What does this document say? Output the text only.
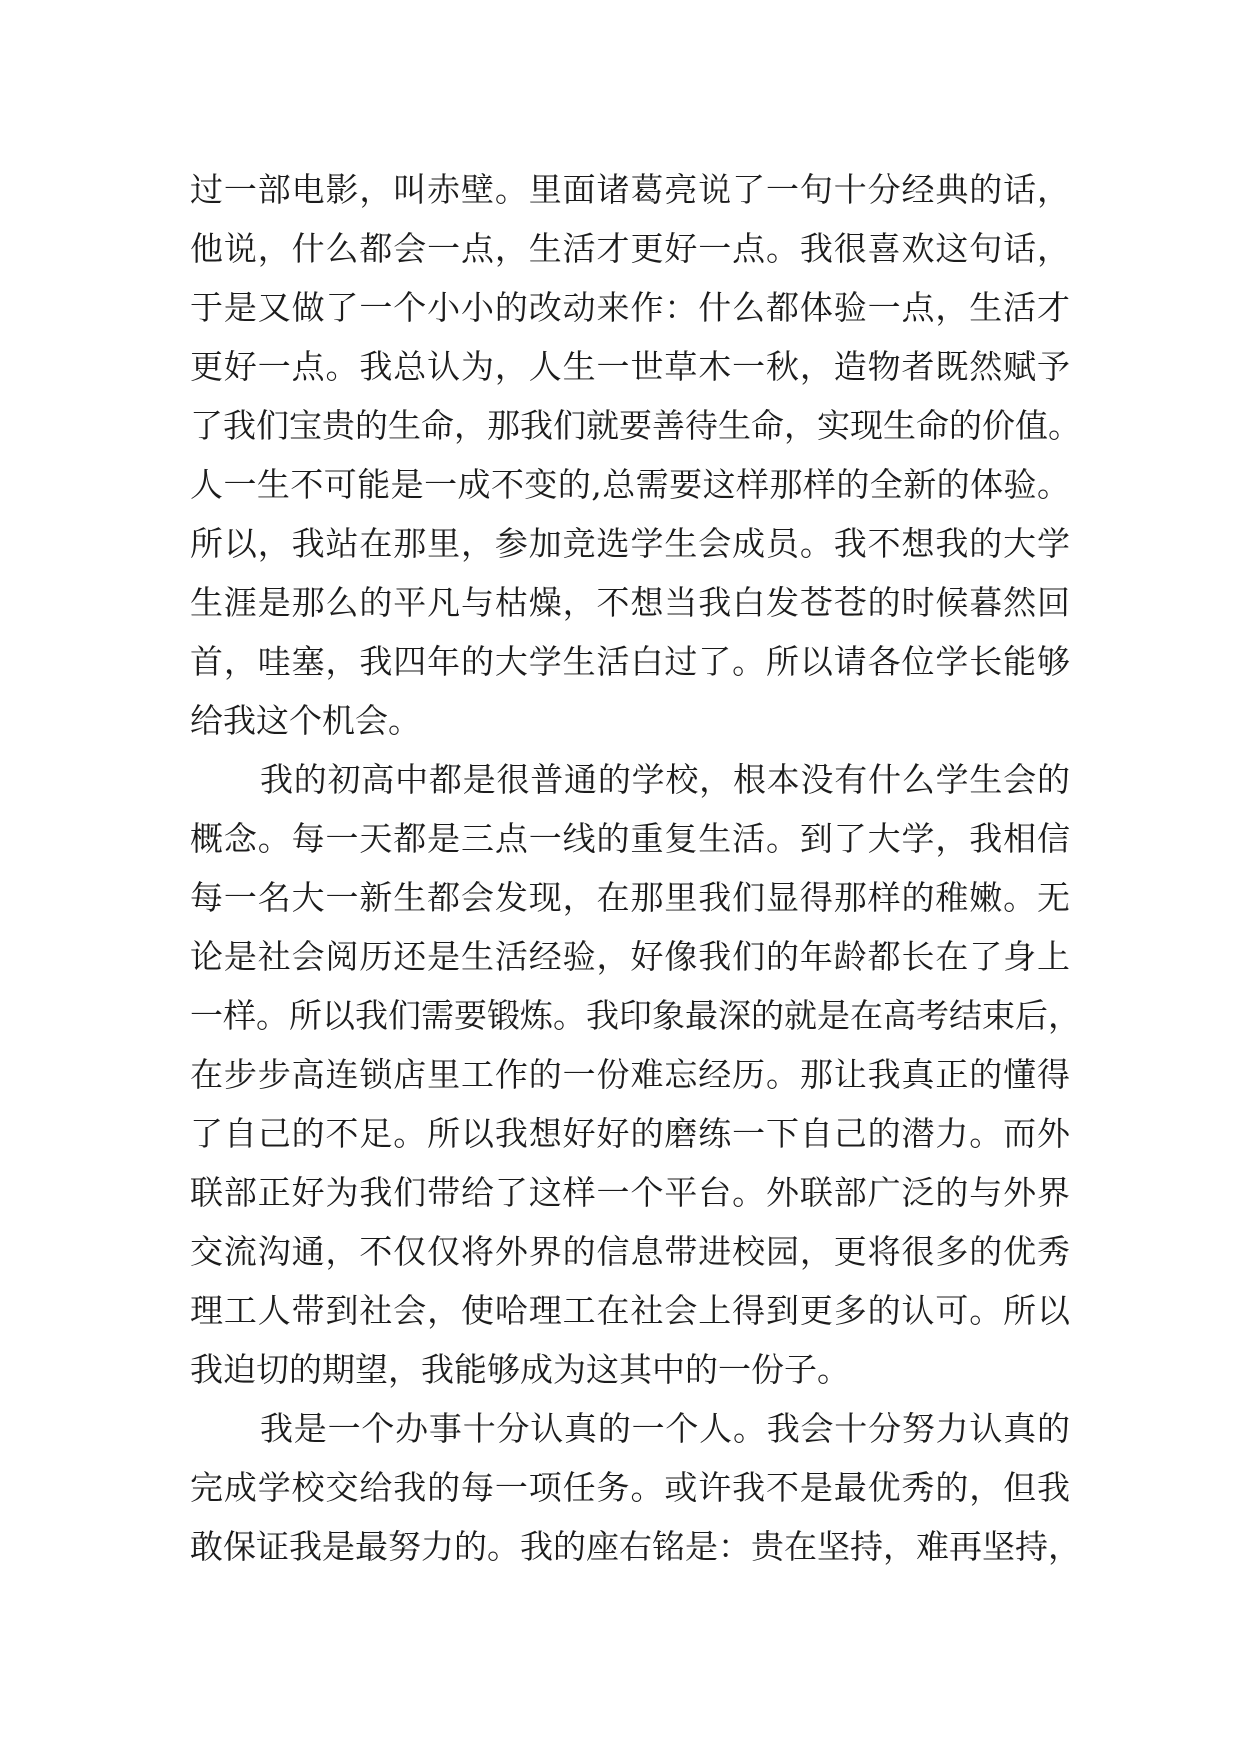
过一部电影，叫赤壁。里面诸葛亮说了一句十分经典的话，
他说，什么都会一点，生活才更好一点。我很喜欢这句话，
于是又做了一个小小的改动来作：什么都体验一点，生活才
更好一点。我总认为，人生一世草木一秋，造物者既然赋予
了我们宝贵的生命，那我们就要善待生命，实现生命的价值。
人一生不可能是一成不变的,总需要这样那样的全新的体验。
所以，我站在那里，参加竞选学生会成员。我不想我的大学
生涯是那么的平凡与枯燥，不想当我白发苍苍的时候暮然回
首，哇塞，我四年的大学生活白过了。所以请各位学长能够
给我这个机会。
我的初高中都是很普通的学校，根本没有什么学生会的
概念。每一天都是三点一线的重复生活。到了大学，我相信
每一名大一新生都会发现，在那里我们显得那样的稚嫩。无
论是社会阅历还是生活经验，好像我们的年龄都长在了身上
一样。所以我们需要锻炼。我印象最深的就是在高考结束后，
在步步高连锁店里工作的一份难忘经历。那让我真正的懂得
了自己的不足。所以我想好好的磨练一下自己的潜力。而外
联部正好为我们带给了这样一个平台。外联部广泛的与外界
交流沟通，不仅仅将外界的信息带进校园，更将很多的优秀
理工人带到社会，使哈理工在社会上得到更多的认可。所以
我迫切的期望，我能够成为这其中的一份子。
我是一个办事十分认真的一个人。我会十分努力认真的
完成学校交给我的每一项任务。或许我不是最优秀的，但我
敢保证我是最努力的。我的座右铭是：贵在坚持，难再坚持，
